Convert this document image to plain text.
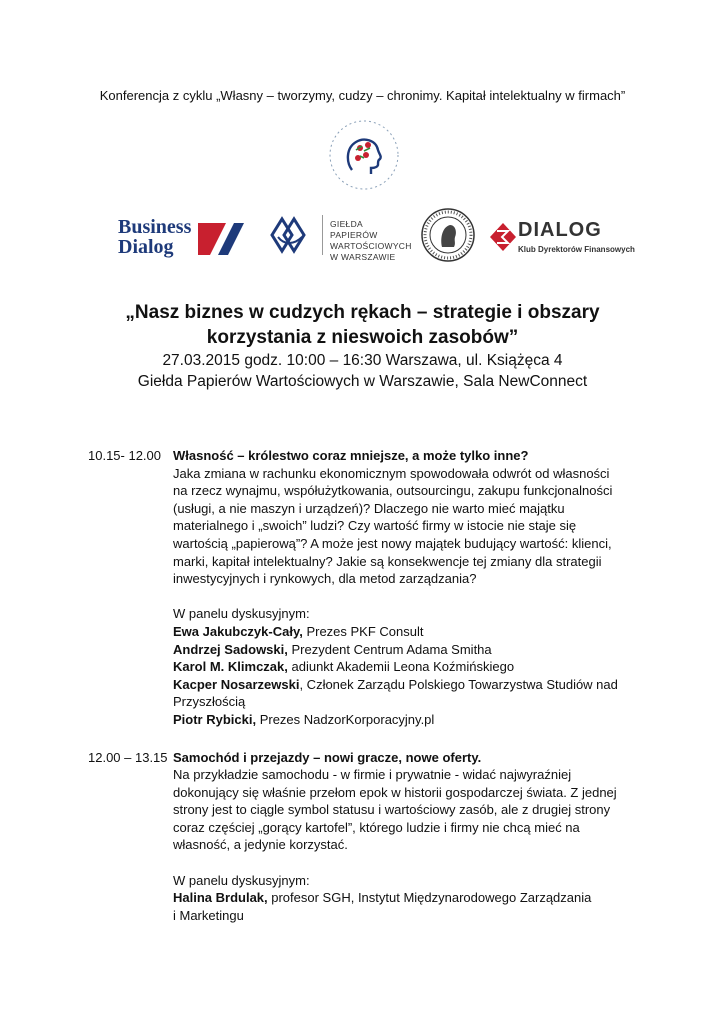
Konferencja z cyklu „Własny – tworzymy, cudzy – chronimy. Kapitał intelektualny w firmach”
Business
Dialog
GIEŁDA PAPIERÓW
WARTOŚCIOWYCH
W WARSZAWIE
DIALOG
Klub Dyrektorów Finansowych
„Nasz biznes w cudzych rękach – strategie i obszary
korzystania z nieswoich zasobów”
27.03.2015 godz. 10:00 – 16:30 Warszawa, ul. Książęca 4
Giełda Papierów Wartościowych w Warszawie, Sala NewConnect
10.15- 12.00 Własność – królestwo coraz mniejsze, a może tylko inne?
Jaka zmiana w rachunku ekonomicznym spowodowała odwrót od własności
na rzecz wynajmu, współużytkowania, outsourcingu, zakupu funkcjonalności
(usługi, a nie maszyn i urządzeń)? Dlaczego nie warto mieć majątku
materialnego i „swoich” ludzi? Czy wartość firmy w istocie nie staje się
wartością „papierową”? A może jest nowy majątek budujący wartość: klienci,
marki, kapitał intelektualny? Jakie są konsekwencje tej zmiany dla strategii
inwestycyjnych i rynkowych, dla metod zarządzania?
W panelu dyskusyjnym:
Ewa Jakubczyk-Cały, Prezes PKF Consult
Andrzej Sadowski, Prezydent Centrum Adama Smitha
Karol M. Klimczak, adiunkt Akademii Leona Koźmińskiego
Kacper Nosarzewski, Członek Zarządu Polskiego Towarzystwa Studiów nad
Przyszłością
Piotr Rybicki, Prezes NadzorKorporacyjny.pl
12.00 – 13.15 Samochód i przejazdy – nowi gracze, nowe oferty.
Na przykładzie samochodu - w firmie i prywatnie - widać najwyraźniej
dokonujący się właśnie przełom epok w historii gospodarczej świata. Z jednej
strony jest to ciągle symbol statusu i wartościowy zasób, ale z drugiej strony
coraz częściej „gorący kartofel”, którego ludzie i firmy nie chcą mieć na
własność, a jedynie korzystać.
W panelu dyskusyjnym:
Halina Brdulak, profesor SGH, Instytut Międzynarodowego Zarządzania
i Marketingu
